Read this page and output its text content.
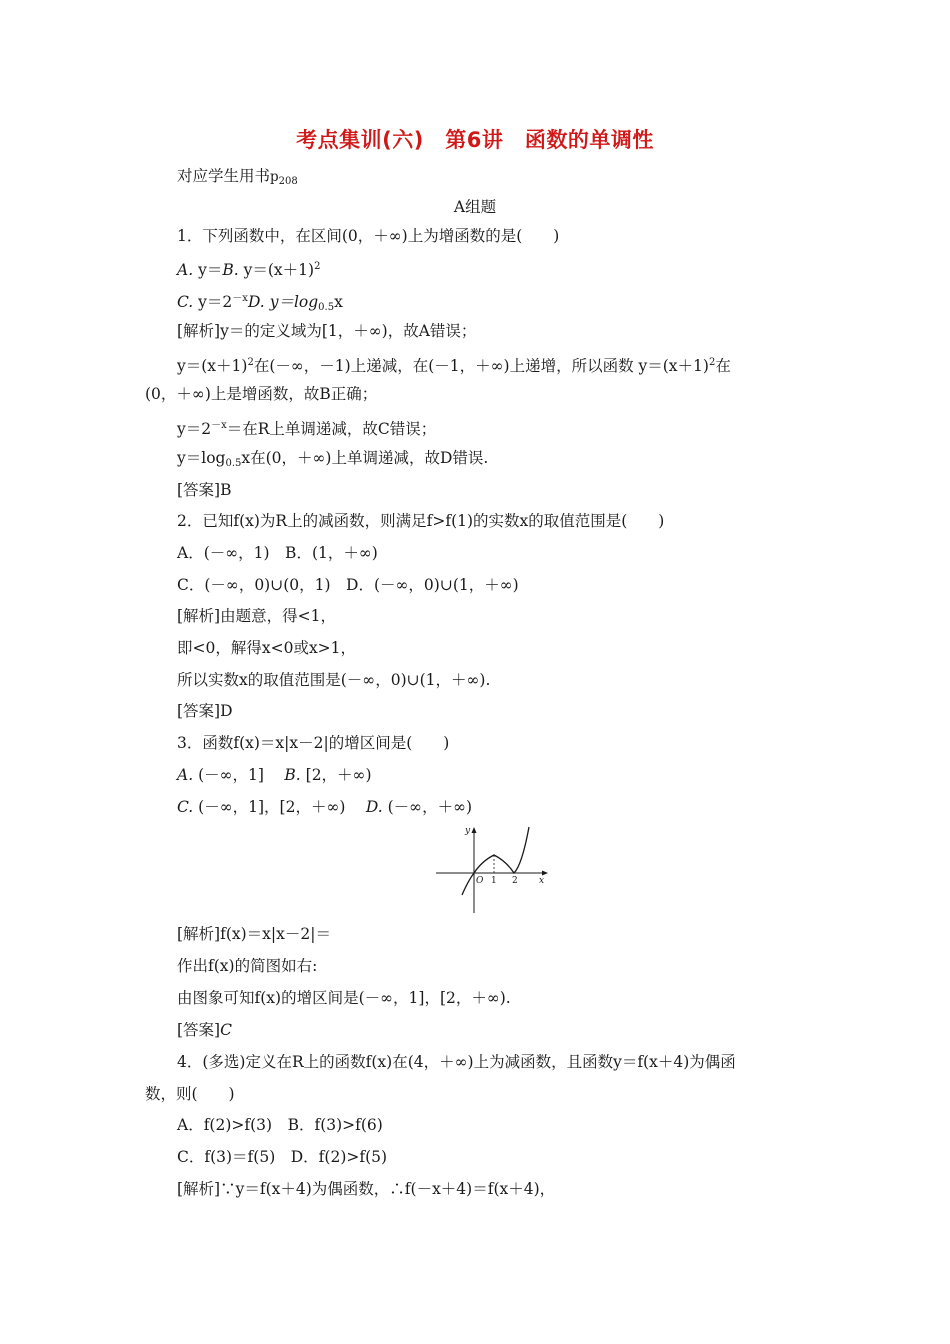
考点集训(六)　第6讲　函数的单调性
对应学生用书$p_{208}$
A组题
1．下列函数中，在区间(0，＋∞)上为增函数的是(　　)
A. y＝B. $y=(x+1)^2$
C. $y=2^{-x}D$. $y=\log_{0.5}x$
[解析]y＝的定义域为[1，＋∞)，故A错误；
$y=(x+1)^2$在(－∞，－1)上递减，在(－1，＋∞)上递增，所以函数 $y=(x+1)^2$在
(0，＋∞)上是增函数，故B正确；
$y=2^{-x}=$在R上单调递减，故C错误；
$y=\log_{0.5}x$在(0，＋∞)上单调递减，故D错误.
[答案]B
2．已知f(x)为R上的减函数，则满足f>f(1)的实数x的取值范围是(　　)
A．(－∞，1)　B．(1，＋∞)
C．(－∞，0)∪(0，1)　D．(－∞，0)∪(1，＋∞)
[解析]由题意，得<1，
即<0，解得x<0或x>1，
所以实数x的取值范围是(－∞，0)∪(1，＋∞).
[答案]D
3．函数f(x)＝x|x－2|的增区间是(　　)
A. (－∞，1]　 B. [2，＋∞)
C. (－∞，1]，[2，＋∞)　 D. (－∞，＋∞)
y
x
O 1 2
[解析]f(x)＝x|x－2|＝
作出f(x)的简图如右:
由图象可知f(x)的增区间是(－∞，1]，[2，＋∞).
[答案]C
4．(多选)定义在R上的函数f(x)在(4，＋∞)上为减函数，且函数y＝f(x＋4)为偶函
数，则(　　)
A．f(2)>f(3)　B．f(3)>f(6)
C．f(3)＝f(5)　D．f(2)>f(5)
[解析]∵y＝f(x＋4)为偶函数，∴f(－x＋4)＝f(x＋4)，
